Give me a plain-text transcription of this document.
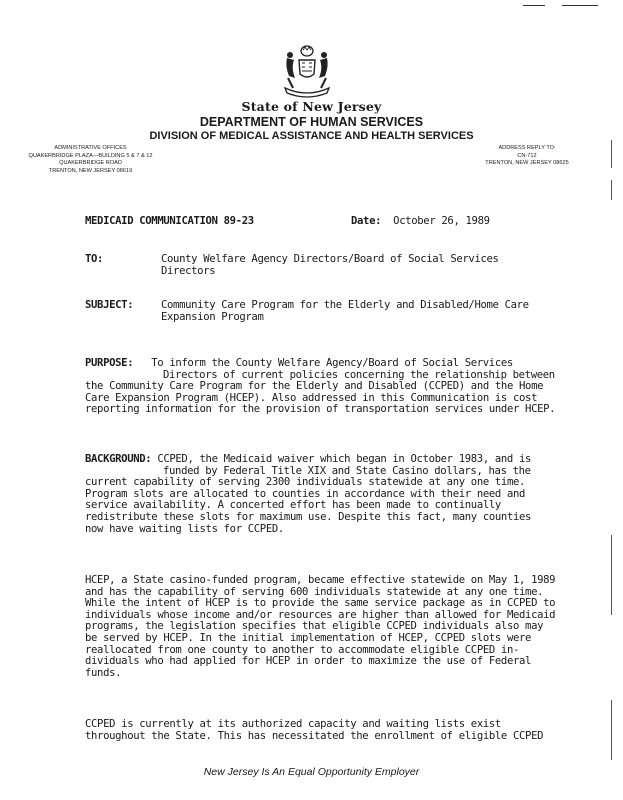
State of New Jersey
DEPARTMENT OF HUMAN SERVICES
DIVISION OF MEDICAL ASSISTANCE AND HEALTH SERVICES
ADMINISTRATIVE OFFICES
QUAKERBRIDGE PLAZA—BUILDING 5 & 7 & 12
QUAKERBRIDGE ROAD
TRENTON, NEW JERSEY 08619
ADDRESS REPLY TO:
CN-712
TRENTON, NEW JERSEY 08625
MEDICAID COMMUNICATION 89-23	Date: October 26, 1989
TO:	County Welfare Agency Directors/Board of Social Services
Directors
SUBJECT:	Community Care Program for the Elderly and Disabled/Home Care
Expansion Program
PURPOSE: To inform the County Welfare Agency/Board of Social Services
Directors of current policies concerning the relationship between
the Community Care Program for the Elderly and Disabled (CCPED) and the Home
Care Expansion Program (HCEP). Also addressed in this Communication is cost
reporting information for the provision of transportation services under HCEP.
BACKGROUND: CCPED, the Medicaid waiver which began in October 1983, and is
funded by Federal Title XIX and State Casino dollars, has the
current capability of serving 2300 individuals statewide at any one time.
Program slots are allocated to counties in accordance with their need and
service availability. A concerted effort has been made to continually
redistribute these slots for maximum use. Despite this fact, many counties
now have waiting lists for CCPED.
HCEP, a State casino-funded program, became effective statewide on May 1, 1989
and has the capability of serving 600 individuals statewide at any one time.
While the intent of HCEP is to provide the same service package as in CCPED to
individuals whose income and/or resources are higher than allowed for Medicaid
programs, the legislation specifies that eligible CCPED individuals also may
be served by HCEP. In the initial implementation of HCEP, CCPED slots were
reallocated from one county to another to accommodate eligible CCPED in-
dividuals who had applied for HCEP in order to maximize the use of Federal
funds.
CCPED is currently at its authorized capacity and waiting lists exist
throughout the State. This has necessitated the enrollment of eligible CCPED
New Jersey Is An Equal Opportunity Employer
